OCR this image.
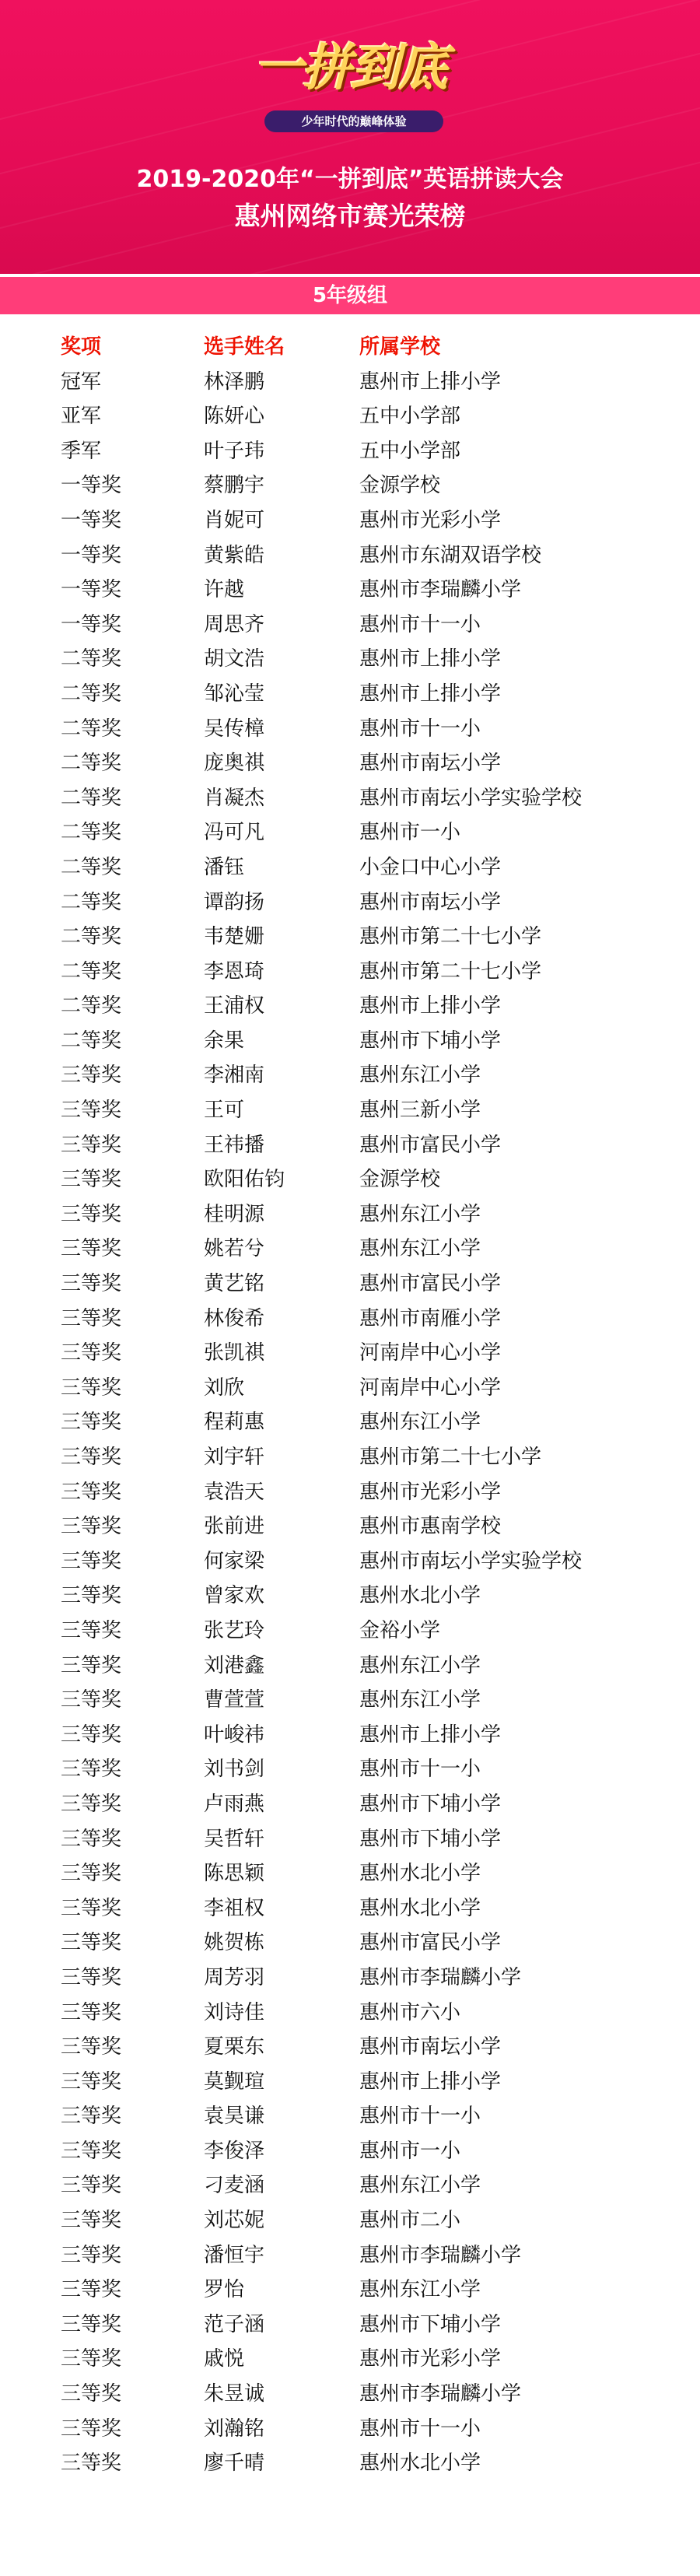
一拼到底
少年时代的巅峰体验
2019-2020年“一拼到底”英语拼读大会
惠州网络市赛光荣榜
5年级组
奖项	选手姓名	所属学校
冠军	林泽鹏	惠州市上排小学
亚军	陈妍心	五中小学部
季军	叶子玮	五中小学部
一等奖	蔡鹏宇	金源学校
一等奖	肖妮可	惠州市光彩小学
一等奖	黄紫皓	惠州市东湖双语学校
一等奖	许越	惠州市李瑞麟小学
一等奖	周思齐	惠州市十一小
二等奖	胡文浩	惠州市上排小学
二等奖	邹沁莹	惠州市上排小学
二等奖	吴传樟	惠州市十一小
二等奖	庞奥祺	惠州市南坛小学
二等奖	肖凝杰	惠州市南坛小学实验学校
二等奖	冯可凡	惠州市一小
二等奖	潘钰	小金口中心小学
二等奖	谭韵扬	惠州市南坛小学
二等奖	韦楚姗	惠州市第二十七小学
二等奖	李恩琦	惠州市第二十七小学
二等奖	王浦权	惠州市上排小学
二等奖	余果	惠州市下埔小学
三等奖	李湘南	惠州东江小学
三等奖	王可	惠州三新小学
三等奖	王祎播	惠州市富民小学
三等奖	欧阳佑钧	金源学校
三等奖	桂明源	惠州东江小学
三等奖	姚若兮	惠州东江小学
三等奖	黄艺铭	惠州市富民小学
三等奖	林俊希	惠州市南雁小学
三等奖	张凯祺	河南岸中心小学
三等奖	刘欣	河南岸中心小学
三等奖	程莉惠	惠州东江小学
三等奖	刘宇轩	惠州市第二十七小学
三等奖	袁浩天	惠州市光彩小学
三等奖	张前进	惠州市惠南学校
三等奖	何家梁	惠州市南坛小学实验学校
三等奖	曾家欢	惠州水北小学
三等奖	张艺玲	金裕小学
三等奖	刘港鑫	惠州东江小学
三等奖	曹萱萱	惠州东江小学
三等奖	叶峻祎	惠州市上排小学
三等奖	刘书剑	惠州市十一小
三等奖	卢雨燕	惠州市下埔小学
三等奖	吴哲轩	惠州市下埔小学
三等奖	陈思颖	惠州水北小学
三等奖	李祖权	惠州水北小学
三等奖	姚贺栋	惠州市富民小学
三等奖	周芳羽	惠州市李瑞麟小学
三等奖	刘诗佳	惠州市六小
三等奖	夏栗东	惠州市南坛小学
三等奖	莫觐瑄	惠州市上排小学
三等奖	袁昊谦	惠州市十一小
三等奖	李俊泽	惠州市一小
三等奖	刁麦涵	惠州东江小学
三等奖	刘芯妮	惠州市二小
三等奖	潘恒宇	惠州市李瑞麟小学
三等奖	罗怡	惠州东江小学
三等奖	范子涵	惠州市下埔小学
三等奖	戚悦	惠州市光彩小学
三等奖	朱昱诚	惠州市李瑞麟小学
三等奖	刘瀚铭	惠州市十一小
三等奖	廖千晴	惠州水北小学
